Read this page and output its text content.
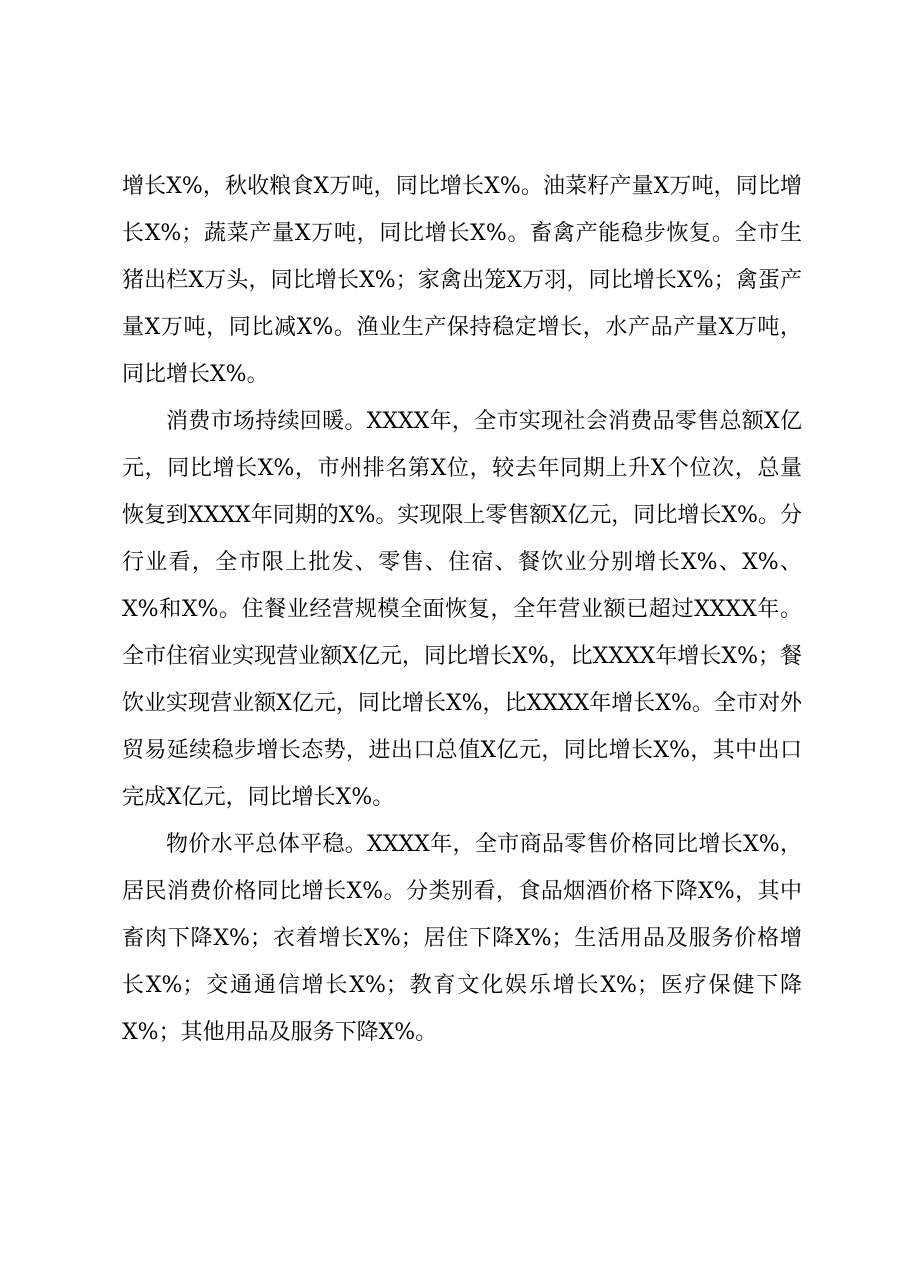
增长X%，秋收粮食X万吨，同比增长X%。油菜籽产量X万吨，同比增长X%；蔬菜产量X万吨，同比增长X%。畜禽产能稳步恢复。全市生猪出栏X万头，同比增长X%；家禽出笼X万羽，同比增长X%；禽蛋产量X万吨，同比减X%。渔业生产保持稳定增长，水产品产量X万吨，同比增长X%。

消费市场持续回暖。XXXX年，全市实现社会消费品零售总额X亿元，同比增长X%，市州排名第X位，较去年同期上升X个位次，总量恢复到XXXX年同期的X%。实现限上零售额X亿元，同比增长X%。分行业看，全市限上批发、零售、住宿、餐饮业分别增长X%、X%、X%和X%。住餐业经营规模全面恢复，全年营业额已超过XXXX年。全市住宿业实现营业额X亿元，同比增长X%，比XXXX年增长X%；餐饮业实现营业额X亿元，同比增长X%，比XXXX年增长X%。全市对外贸易延续稳步增长态势，进出口总值X亿元，同比增长X%，其中出口完成X亿元，同比增长X%。

物价水平总体平稳。XXXX年，全市商品零售价格同比增长X%，居民消费价格同比增长X%。分类别看，食品烟酒价格下降X%，其中畜肉下降X%；衣着增长X%；居住下降X%；生活用品及服务价格增长X%；交通通信增长X%；教育文化娱乐增长X%；医疗保健下降X%；其他用品及服务下降X%。
